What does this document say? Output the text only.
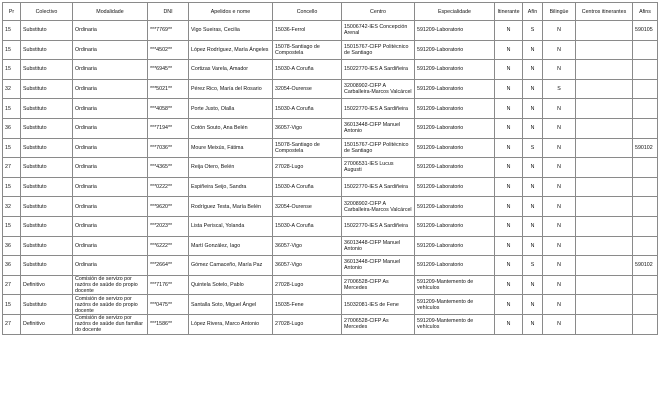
Pr	Colectivo	Modalidade	DNI	Apelidos e nome	Concello	Centro	Especialidade	Itinerante	Afín	Bilingüe	Centros itinerantes	Afins
15	Substituto	Ordinaria	***7769**	Vigo Sueiras, Cecilia	15036-Ferrol	15006742-IES Concepción Arenal	591209-Laboratorio	N	S	N		590105
15	Substituto	Ordinaria	***4502**	López Rodríguez, María Ángeles	15078-Santiago de Compostela	15015767-CIFP Politécnico de Santiago	591209-Laboratorio	N	N	N		
15	Substituto	Ordinaria	***6945**	Cortizas Varela, Amador	15030-A Coruña	15022770-IES A Sardiñeira	591209-Laboratorio	N	N	N		
32	Substituto	Ordinaria	***5021**	Pérez Rico, María del Rosario	32054-Ourense	32008902-CIFP A Carballeira-Marcos Valcárcel	591209-Laboratorio	N	N	S		
15	Substituto	Ordinaria	***4058**	Porte Justo, Olalla	15030-A Coruña	15022770-IES A Sardiñeira	591209-Laboratorio	N	N	N		
36	Substituto	Ordinaria	***7194**	Cotón Souto, Ana Belén	36057-Vigo	36013448-CIFP Manuel Antonio	591209-Laboratorio	N	N	N		
15	Substituto	Ordinaria	***7036**	Moure Meixús, Fátima	15078-Santiago de Compostela	15015767-CIFP Politécnico de Santiago	591209-Laboratorio	N	S	N		590102
27	Substituto	Ordinaria	***4365**	Reija Otero, Belén	27028-Lugo	27006531-IES Lucus Augusti	591209-Laboratorio	N	N	N		
15	Substituto	Ordinaria	***0222**	Espiñeira Seijo, Sandra	15030-A Coruña	15022770-IES A Sardiñeira	591209-Laboratorio	N	N	N		
32	Substituto	Ordinaria	***9620**	Rodríguez Testa, María Belén	32054-Ourense	32008902-CIFP A Carballeira-Marcos Valcárcel	591209-Laboratorio	N	N	N		
15	Substituto	Ordinaria	***2023**	Lista Periscal, Yolanda	15030-A Coruña	15022770-IES A Sardiñeira	591209-Laboratorio	N	N	N		
36	Substituto	Ordinaria	***6222**	Martí González, Iago	36057-Vigo	36013448-CIFP Manuel Antonio	591209-Laboratorio	N	N	N		
36	Substituto	Ordinaria	***2664**	Gómez Camaceño, María Paz	36057-Vigo	36013448-CIFP Manuel Antonio	591209-Laboratorio	N	S	N		590102
27	Definitivo	Comisión de servizo por razóns de saúde do propio docente	***7176**	Quintela Sotelo, Pablo	27028-Lugo	27006528-CIFP As Mercedes	591209-Mantemento de vehículos	N	N	N		
15	Substituto	Comisión de servizo por razóns de saúde do propio docente	***0475**	Santalla Soto, Miguel Ángel	15035-Fene	15032081-IES de Fene	591209-Mantemento de vehículos	N	N	N		
27	Definitivo	Comisión de servizo por razóns de saúde dun familiar do docente	***1586**	López Rivera, Marco Antonio	27028-Lugo	27006528-CIFP As Mercedes	591209-Mantemento de vehículos	N	N	N		
